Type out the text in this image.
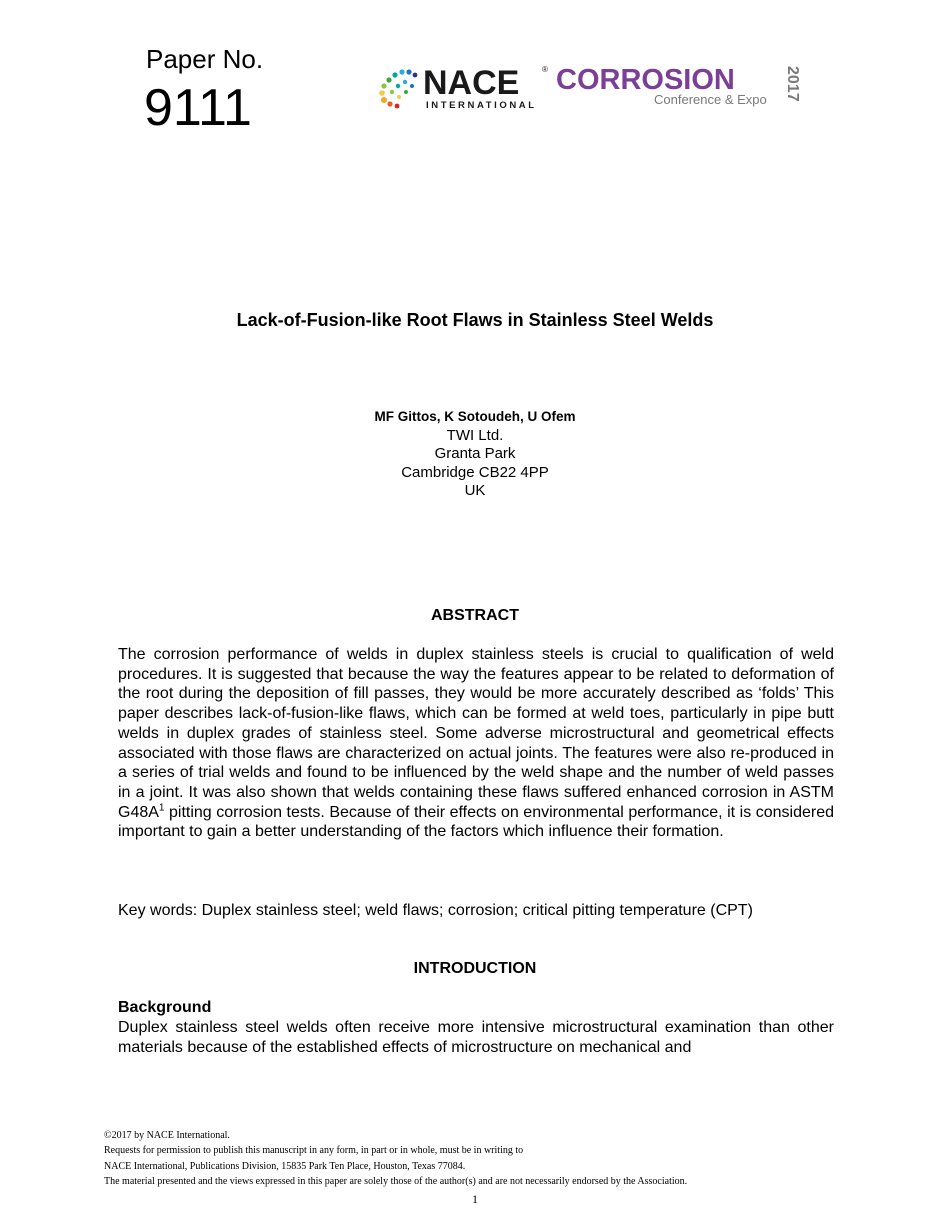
Paper No.
9111	NACE	®
INTERNATIONAL
CORROSION
Conference & Expo 2017
Lack-of-Fusion-like Root Flaws in Stainless Steel Welds
MF Gittos, K Sotoudeh, U Ofem
TWI Ltd.
Granta Park
Cambridge CB22 4PP
UK
ABSTRACT
The corrosion performance of welds in duplex stainless steels is crucial to qualification of weld procedures. It is suggested that because the way the features appear to be related to deformation of the root during the deposition of fill passes, they would be more accurately described as ‘folds’ This paper describes lack-of-fusion-like flaws, which can be formed at weld toes, particularly in pipe butt welds in duplex grades of stainless steel. Some adverse microstructural and geometrical effects associated with those flaws are characterized on actual joints. The features were also re-produced in a series of trial welds and found to be influenced by the weld shape and the number of weld passes in a joint. It was also shown that welds containing these flaws suffered enhanced corrosion in ASTM $G48A^1$ pitting corrosion tests. Because of their effects on environmental performance, it is considered important to gain a better understanding of the factors which influence their formation.
Key words: Duplex stainless steel; weld flaws; corrosion; critical pitting temperature (CPT)
INTRODUCTION
Background
Duplex stainless steel welds often receive more intensive microstructural examination than other materials because of the established effects of microstructure on mechanical and
©2017 by NACE International.
Requests for permission to publish this manuscript in any form, in part or in whole, must be in writing to
NACE International, Publications Division, 15835 Park Ten Place, Houston, Texas 77084.
The material presented and the views expressed in this paper are solely those of the author(s) and are not necessarily endorsed by the Association.
1
